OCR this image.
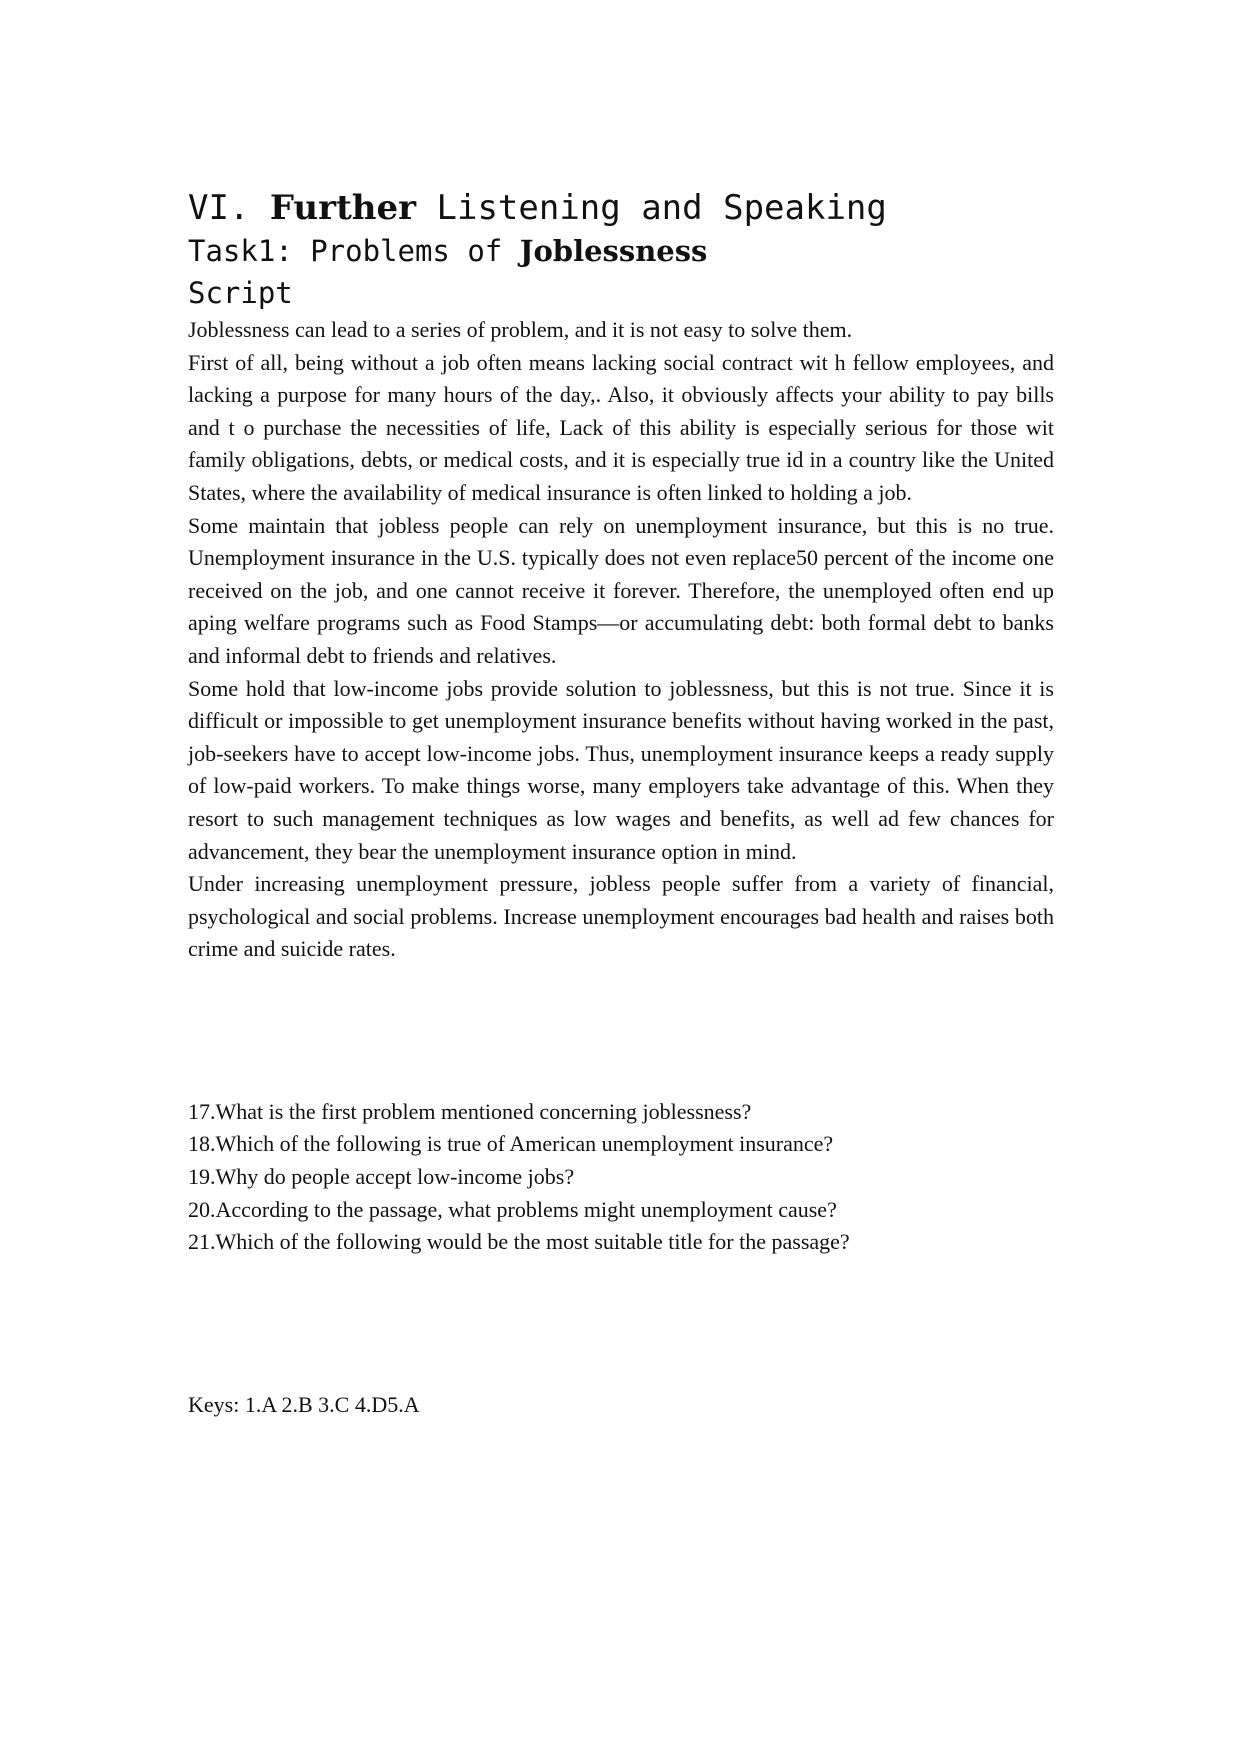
VI. Further Listening and Speaking
Task1: Problems of Joblessness
Script

Joblessness can lead to a series of problem, and it is not easy to solve them.

First of all, being without a job often means lacking social contract wit h fellow employees, and lacking a purpose for many hours of the day,. Also, it obviously affects your ability to pay bills and t o purchase the necessities of life, Lack of this ability is especially serious for those wit family obligations, debts, or medical costs, and it is especially true id in a country like the United States, where the availability of medical insurance is often linked to holding a job.

Some maintain that jobless people can rely on unemployment insurance, but this is no true. Unemployment insurance in the U.S. typically does not even replace50 percent of the income one received on the job, and one cannot receive it forever. Therefore, the unemployed often end up aping welfare programs such as Food Stamps—or accumulating debt: both formal debt to banks and informal debt to friends and relatives.

Some hold that low-income jobs provide solution to joblessness, but this is not true. Since it is difficult or impossible to get unemployment insurance benefits without having worked in the past, job-seekers have to accept low-income jobs. Thus, unemployment insurance keeps a ready supply of low-paid workers. To make things worse, many employers take advantage of this. When they resort to such management techniques as low wages and benefits, as well ad few chances for advancement, they bear the unemployment insurance option in mind.

Under increasing unemployment pressure, jobless people suffer from a variety of financial, psychological and social problems. Increase unemployment encourages bad health and raises both crime and suicide rates.

17.What is the first problem mentioned concerning joblessness?

18.Which of the following is true of American unemployment insurance?

19.Why do people accept low-income jobs?

20.According to the passage, what problems might unemployment cause?

21.Which of the following would be the most suitable title for the passage?

Keys: 1.A 2.B 3.C 4.D5.A
